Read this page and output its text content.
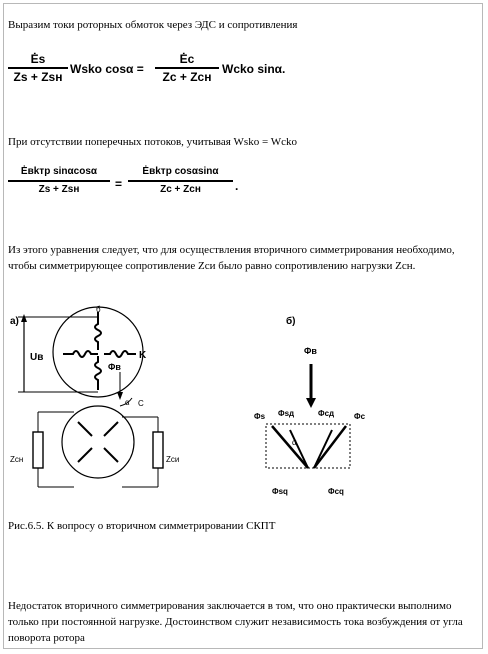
Выразим токи роторных обмоток через ЭДС и сопротивления

Ės
Zs + Zsн
Wsko cosα =
Ėc
Zc + Zcн
Wcko sinα.

При отсутствии поперечных потоков, учитывая Wsko = Wcko

Ėвkтр sinαcosα
Zs + Zsн	=
Ėвkтр cosαsinα
Zc + Zcн	.

Из этого уравнения следует, что для осуществления вторичного симметрирования необходимо, чтобы симметрирующее сопротивление Zси было равно сопротивлению нагрузки Zсн.

а)
Uв	K
б
Φв
α C
Zсн	Zси
б)
Φв
Φs Φsд	Φcд Φc
α
Φsq	Φcq

Рис.6.5. К вопросу о вторичном симметрировании СКПТ

Недостаток вторичного симметрирования заключается в том, что оно практически выполнимо только при постоянной нагрузке. Достоинством служит независимость тока возбуждения от угла поворота ротора
